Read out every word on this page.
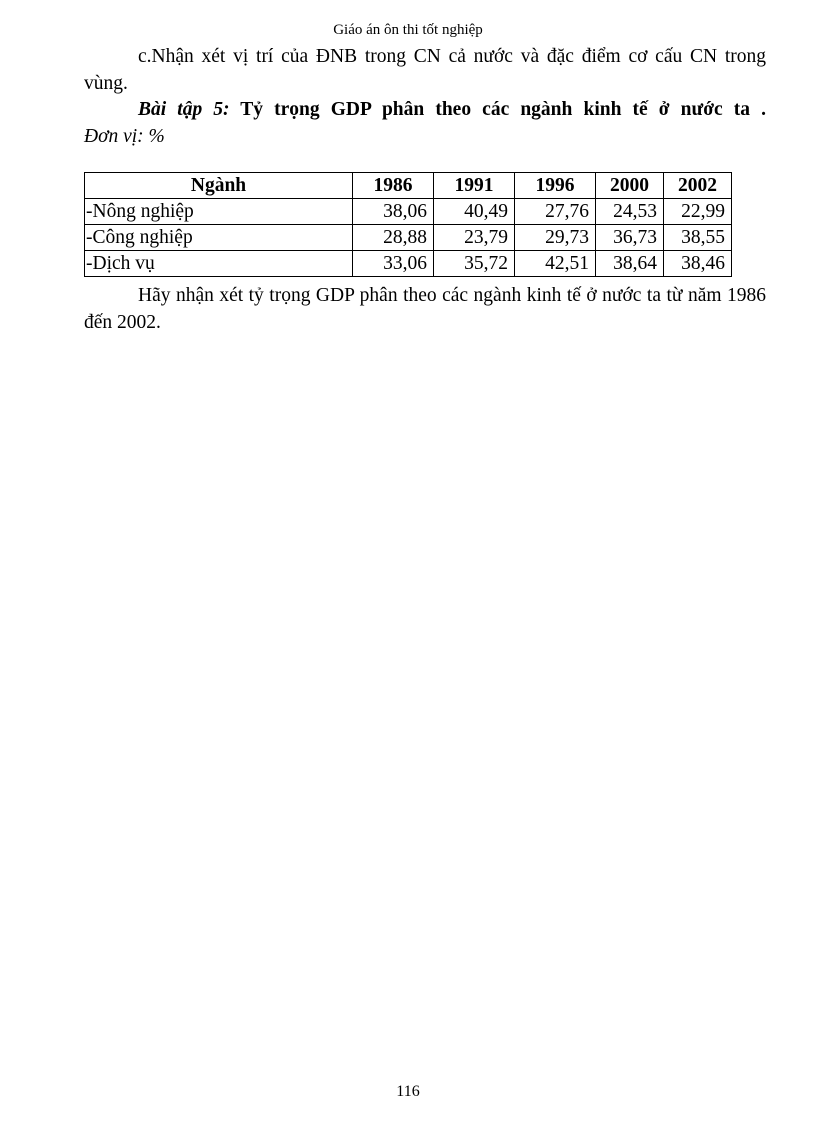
Giáo án ôn thi tốt nghiệp
c.Nhận xét vị trí của ĐNB trong CN cả nước và đặc điểm cơ cấu CN trong vùng.
Bài tập 5: Tỷ trọng GDP phân theo các ngành kinh tế ở nước ta .
Đơn vị: %
Ngành	1986	1991	1996	2000	2002
-Nông nghiệp	38,06	40,49	27,76	24,53	22,99
-Công nghiệp	28,88	23,79	29,73	36,73	38,55
-Dịch vụ	33,06	35,72	42,51	38,64	38,46
Hãy nhận xét tỷ trọng GDP phân theo các ngành kinh tế ở nước ta từ năm 1986 đến 2002.
116
